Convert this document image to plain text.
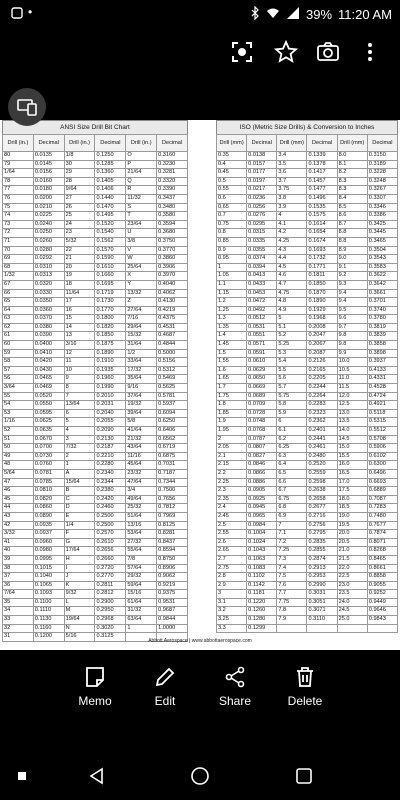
•	39% 11:20 AM
ANSI Size Drill Bit Chart
Drill (in.)	Decimal	Drill (in.)	Decimal	Drill (in.)	Decimal
80	0.0135	1/8	0.1250	O	0.3160
79	0.0145	30	0.1285	P	0.3230
1/64	0.0156	29	0.1360	21/64	0.3281
78	0.0160	28	0.1405	Q	0.3320
77	0.0180	9/64	0.1406	R	0.3390
76	0.0200	27	0.1440	11/32	0.3437
75	0.0210	26	0.1470	S	0.3480
74	0.0225	25	0.1495	T	0.3580
73	0.0240	24	0.1520	23/64	0.3594
72	0.0250	23	0.1540	U	0.3680
71	0.0260	5/32	0.1562	3/8	0.3750
70	0.0280	22	0.1570	V	0.3770
69	0.0292	21	0.1590	W	0.3860
68	0.0310	20	0.1610	25/64	0.3906
1/32	0.0313	19	0.1660	X	0.3970
67	0.0320	18	0.1695	Y	0.4040
66	0.0330	11/64	0.1719	13/32	0.4062
65	0.0350	17	0.1730	Z	0.4130
64	0.0360	16	0.1770	27/64	0.4219
63	0.0370	15	0.1800	7/16	0.4375
62	0.0380	14	0.1820	29/64	0.4531
61	0.0390	13	0.1850	15/32	0.4687
60	0.0400	3/16	0.1875	31/64	0.4844
59	0.0410	12	0.1890	1/2	0.5000
58	0.0420	11	0.1910	33/64	0.5156
57	0.0430	10	0.1935	17/32	0.5312
56	0.0465	9	0.1960	35/64	0.5469
3/64	0.0469	8	0.1990	9/16	0.5625
55	0.0520	7	0.2010	37/64	0.5781
54	0.0550	13/64	0.2031	19/32	0.5937
53	0.0595	6	0.2040	39/64	0.6094
1/16	0.0625	5	0.2055	5/8	0.6250
52	0.0635	4	0.2090	41/64	0.6406
51	0.0670	3	0.2130	21/32	0.6562
50	0.0700	7/32	0.2187	43/64	0.6719
49	0.0730	2	0.2210	11/16	0.6875
48	0.0760	1	0.2280	45/64	0.7031
5/64	0.0781	A	0.2340	23/32	0.7187
47	0.0785	15/64	0.2344	47/64	0.7344
46	0.0810	B	0.2380	3/4	0.7500
45	0.0820	C	0.2420	49/64	0.7656
44	0.0860	D	0.2460	25/32	0.7812
43	0.0890	E	0.2500	51/64	0.7969
42	0.0935	1/4	0.2500	13/16	0.8125
3/32	0.0937	F	0.2570	53/64	0.8281
41	0.0960	G	0.2610	27/32	0.8437
40	0.0980	17/64	0.2656	55/64	0.8594
39	0.0995	H	0.2660	7/8	0.8750
38	0.1015	I	0.2720	57/64	0.8906
37	0.1040	J	0.2770	29/32	0.9062
36	0.1065	K	0.2811	59/64	0.9219
7/64	0.1093	9/32	0.2812	15/16	0.9375
35	0.1100	L	0.2900	61/64	0.9531
34	0.1110	M	0.2950	31/32	0.9687
33	0.1130	19/64	0.2968	63/64	0.9844
32	0.1160	N	0.3020	1	1.0000
31	0.1200	5/16	0.3125		
ISO (Metric Size Drills) & Conversion to Inches
Drill (mm)	Decimal	Drill (mm)	Decimal	Drill (mm)	Decimal
0.35	0.0138	3.4	0.1339	8.0	0.3150
0.4	0.0157	3.5	0.1378	8.1	0.3189
0.45	0.0177	3.6	0.1417	8.2	0.3228
0.5	0.0197	3.7	0.1457	8.3	0.3248
0.55	0.0217	3.75	0.1477	8.3	0.3267
0.6	0.0236	3.8	0.1496	8.4	0.3307
0.65	0.0256	3.9	0.1535	8.5	0.3346
0.7	0.0276	4	0.1575	8.6	0.3386
0.75	0.0295	4.1	0.1614	8.7	0.3425
0.8	0.0315	4.2	0.1654	8.8	0.3445
0.85	0.0335	4.25	0.1674	8.8	0.3465
0.9	0.0355	4.3	0.1693	8.9	0.3504
0.95	0.0374	4.4	0.1732	9.0	0.3543
1	0.0394	4.5	0.1771	9.1	0.3583
1.05	0.0413	4.6	0.1811	9.2	0.3622
1.1	0.0433	4.7	0.1850	9.3	0.3642
1.15	0.0453	4.75	0.1870	9.4	0.3661
1.2	0.0472	4.8	0.1890	9.4	0.3701
1.25	0.0492	4.9	0.1929	9.5	0.3740
1.3	0.0512	5	0.1968	9.6	0.3780
1.35	0.0531	5.1	0.2008	9.7	0.3819
1.4	0.0551	5.2	0.2047	9.8	0.3839
1.45	0.0571	5.25	0.2067	9.8	0.3858
1.5	0.0591	5.3	0.2087	9.9	0.3898
1.55	0.0610	5.4	0.2126	10.0	0.3937
1.6	0.0629	5.5	0.2165	10.5	0.4133
1.65	0.0650	5.6	0.2205	11.0	0.4331
1.7	0.0669	5.7	0.2244	11.5	0.4528
1.75	0.0689	5.75	0.2264	12.0	0.4724
1.8	0.0709	5.8	0.2283	12.5	0.4921
1.85	0.0728	5.9	0.2323	13.0	0.5118
1.9	0.0748	6	0.2362	13.5	0.5315
1.95	0.0768	6.1	0.2401	14.0	0.5512
2	0.0787	6.2	0.2441	14.5	0.5708
2.05	0.0807	6.25	0.2461	15.0	0.5906
2.1	0.0827	6.3	0.2480	15.5	0.6102
2.15	0.0846	6.4	0.2520	16.0	0.6300
2.2	0.0866	6.5	0.2559	16.5	0.6496
2.25	0.0886	6.6	0.2598	17.0	0.6693
2.3	0.0905	6.7	0.2638	17.5	0.6889
2.35	0.0925	6.75	0.2658	18.0	0.7087
2.4	0.0945	6.8	0.2677	18.5	0.7283
2.45	0.0965	6.9	0.2716	19.0	0.7480
2.5	0.0984	7	0.2756	19.5	0.7677
2.55	0.1004	7.1	0.2795	20.0	0.7874
2.6	0.1024	7.2	0.2835	20.5	0.8071
2.65	0.1043	7.25	0.2855	21.0	0.8268
2.7	0.1063	7.3	0.2874	21.5	0.8465
2.75	0.1083	7.4	0.2913	22.0	0.8661
2.8	0.1102	7.5	0.2953	22.5	0.8858
2.9	0.1142	7.6	0.2990	23.0	0.9055
3	0.1181	7.7	0.3031	23.5	0.9252
3.1	0.1220	7.75	0.3051	24.0	0.9449
3.2	0.1260	7.8	0.3071	24.5	0.9646
3.25	0.1280	7.9	0.3110	25.0	0.9843
3.3	0.1299				
Abbott Aerospace | www.abbottaerospace.com
Memo	Edit	Share	Delete
